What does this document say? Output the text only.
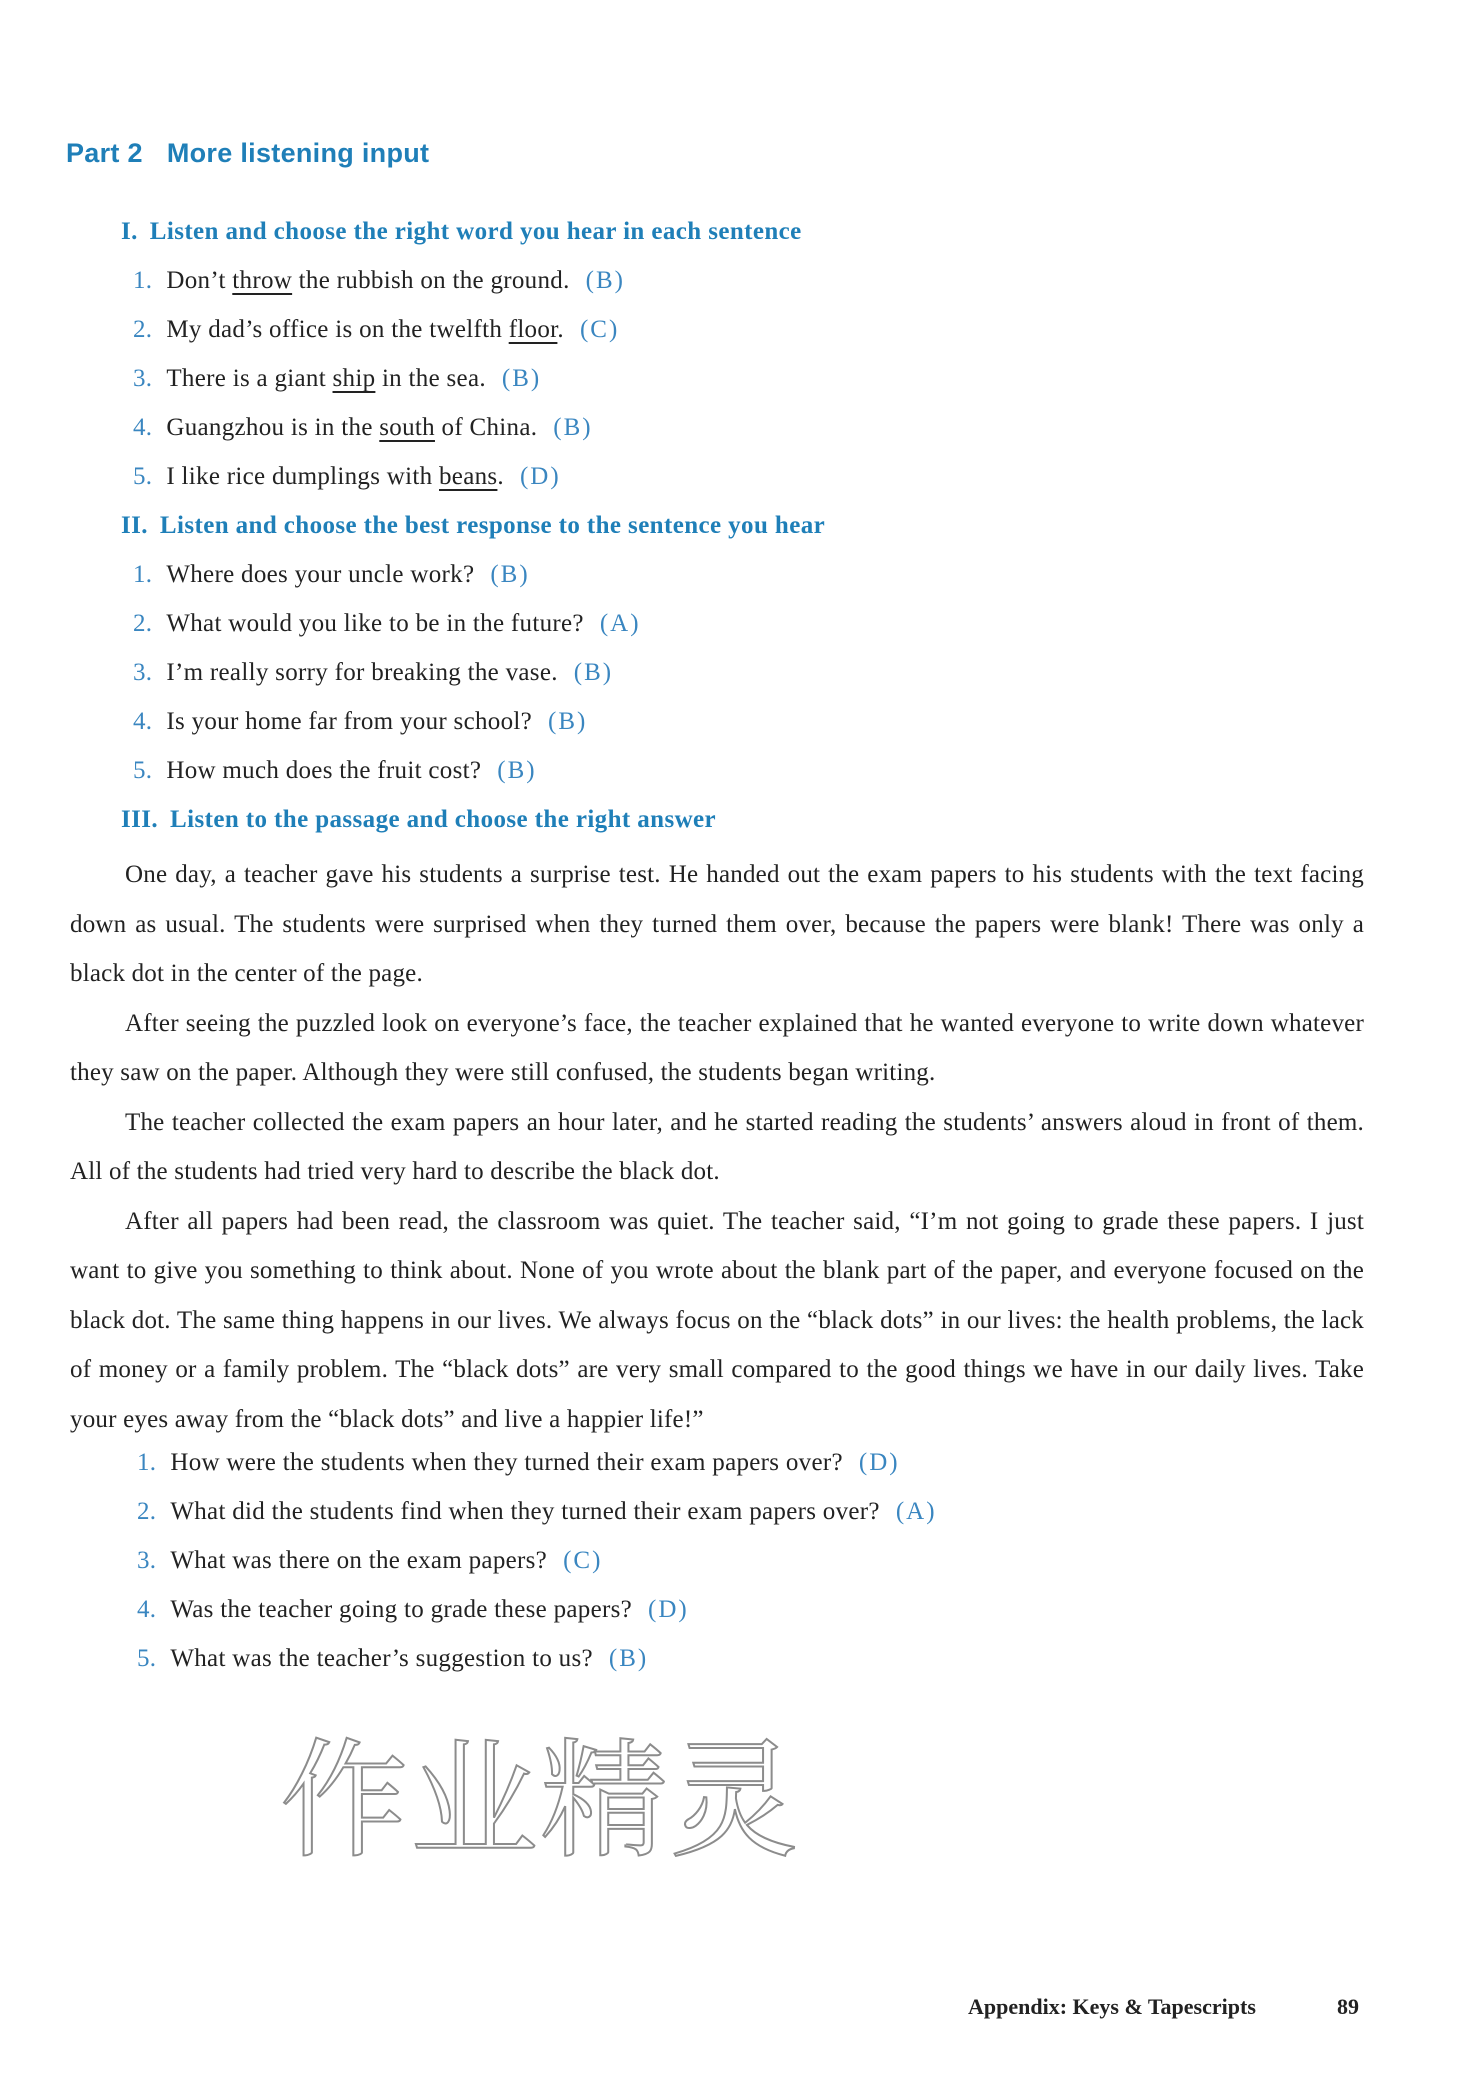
Part 2 More listening input
I. Listen and choose the right word you hear in each sentence
1. Don’t throw the rubbish on the ground. (B)
2. My dad’s office is on the twelfth floor. (C)
3. There is a giant ship in the sea. (B)
4. Guangzhou is in the south of China. (B)
5. I like rice dumplings with beans. (D)
II. Listen and choose the best response to the sentence you hear
1. Where does your uncle work? (B)
2. What would you like to be in the future? (A)
3. I’m really sorry for breaking the vase. (B)
4. Is your home far from your school? (B)
5. How much does the fruit cost? (B)
III. Listen to the passage and choose the right answer

One day, a teacher gave his students a surprise test. He handed out the exam papers to his students with the text facing down as usual. The students were surprised when they turned them over, because the papers were blank! There was only a black dot in the center of the page.

After seeing the puzzled look on everyone’s face, the teacher explained that he wanted everyone to write down whatever they saw on the paper. Although they were still confused, the students began writing.

The teacher collected the exam papers an hour later, and he started reading the students’ answers aloud in front of them. All of the students had tried very hard to describe the black dot.

After all papers had been read, the classroom was quiet. The teacher said, “I’m not going to grade these papers. I just want to give you something to think about. None of you wrote about the blank part of the paper, and everyone focused on the black dot. The same thing happens in our lives. We always focus on the “black dots” in our lives: the health problems, the lack of money or a family problem. The “black dots” are very small compared to the good things we have in our daily lives. Take your eyes away from the “black dots” and live a happier life!”

1. How were the students when they turned their exam papers over? (D)
2. What did the students find when they turned their exam papers over? (A)
3. What was there on the exam papers? (C)
4. Was the teacher going to grade these papers? (D)
5. What was the teacher’s suggestion to us? (B)
作业精灵
Appendix: Keys & Tapescripts	89
